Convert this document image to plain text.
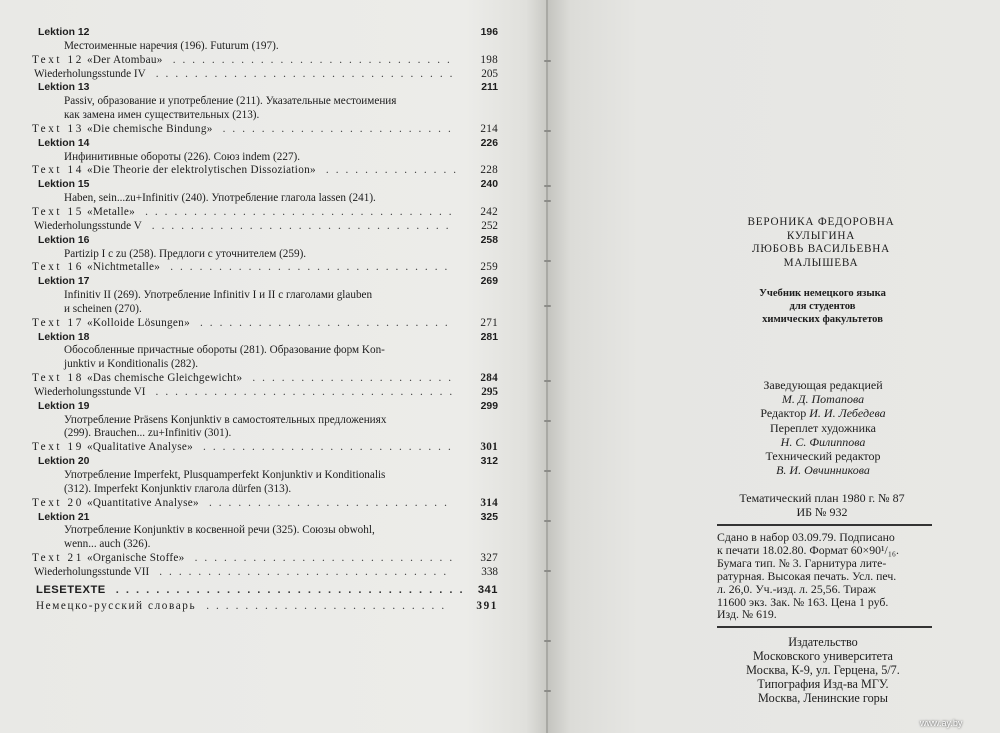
Lektion 12	196
Местоименные наречия (196). Futurum (197).
Text 12 «Der Atombau»	198
.............................
Wiederholungsstunde IV	205
...............................
Lektion 13	211
Passiv, образование и употребление (211). Указательные местоимения
как замена имен существительных (213).
Text 13 «Die chemische Bindung»	214
........................
Lektion 14	226
Инфинитивные обороты (226). Союз indem (227).
Text 14 «Die Theorie der elektrolytischen Dissoziation»	228
..............
Lektion 15	240
Haben, sein...zu+Infinitiv (240). Употребление глагола lassen (241).
Text 15 «Metalle»	242
................................
Wiederholungsstunde V	252
...............................
Lektion 16	258
Partizip I с zu (258). Предлоги с уточнителем (259).
Text 16 «Nichtmetalle»	259
.............................
Lektion 17	269
Infinitiv II (269). Употребление Infinitiv I и II с глаголами glauben
и scheinen (270).
Text 17 «Kolloide Lösungen»	271
..........................
Lektion 18	281
Обособленные причастные обороты (281). Образование форм Kon-
junktiv и Konditionalis (282).
Text 18 «Das chemische Gleichgewicht»	284
.....................
Wiederholungsstunde VI	295
...............................
Lektion 19	299
Употребление Präsens Konjunktiv в самостоятельных предложениях
(299). Brauchen... zu+Infinitiv (301).
Text 19 «Qualitative Analyse»	301
..........................
Lektion 20	312
Употребление Imperfekt, Plusquamperfekt Konjunktiv и Konditionalis
(312). Imperfekt Konjunktiv глагола dürfen (313).
Text 20 «Quantitative Analyse»	314
.........................
Lektion 21	325
Употребление Konjunktiv в косвенной речи (325). Союзы obwohl,
wenn... auch (326).
Text 21 «Organische Stoffe»	327
...........................
Wiederholungsstunde VII	338
..............................
LESETEXTE	341
...................................
Немецко-русский словарь	391
.........................
ВЕРОНИКА ФЕДОРОВНА
КУЛЫГИНА
ЛЮБОВЬ ВАСИЛЬЕВНА
МАЛЫШЕВА
Учебник немецкого языка
для студентов
химических факультетов
Заведующая редакцией
М. Д. Потапова
Редактор И. И. Лебедева
Переплет художника
Н. С. Филиппова
Технический редактор
В. И. Овчинникова
Тематический план 1980 г. № 87
ИБ № 932
Сдано в набор 03.09.79. Подписано
к печати 18.02.80. Формат 60×90¹/₁₆.
Бумага тип. № 3. Гарнитура лите-
ратурная. Высокая печать. Усл. печ.
л. 26,0. Уч.-изд. л. 25,56. Тираж
11600 экз. Зак. № 163. Цена 1 руб.
Изд. № 619.
Издательство
Московского университета
Москва, К-9, ул. Герцена, 5/7.
Типография Изд-ва МГУ.
Москва, Ленинские горы
www.ay.by
